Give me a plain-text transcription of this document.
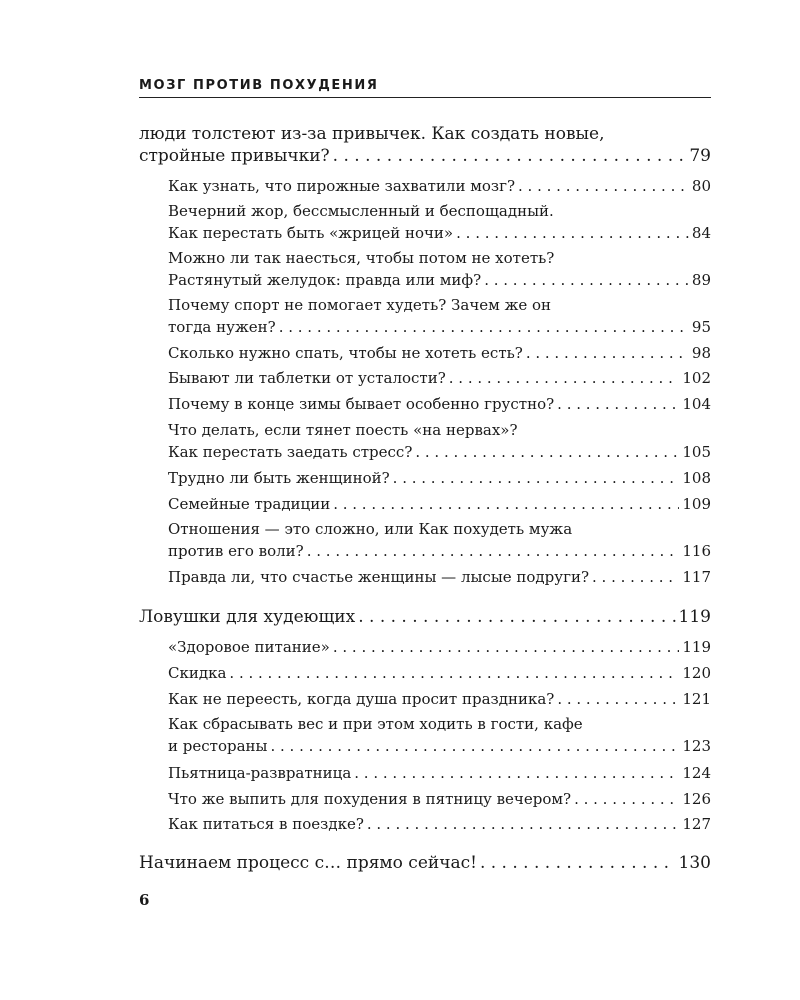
МОЗГ ПРОТИВ ПОХУДЕНИЯ
люди толстеют из-за привычек. Как создать новые,
стройные привычки? . . .	79
Как узнать, что пирожные захватили мозг? . . .	80
Вечерний жор, бессмысленный и беспощадный.
Как перестать быть «жрицей ночи» . . .	84
Можно ли так наесться, чтобы потом не хотеть?
Растянутый желудок: правда или миф? . . .	89
Почему спорт не помогает худеть? Зачем же он
тогда нужен? . . .	95
Сколько нужно спать, чтобы не хотеть есть? . . .	98
Бывают ли таблетки от усталости? . . .	102
Почему в конце зимы бывает особенно грустно? . . .	104
Что делать, если тянет поесть «на нервах»?
Как перестать заедать стресс? . . .	105
Трудно ли быть женщиной? . . .	108
Семейные традиции . . .	109
Отношения — это сложно, или Как похудеть мужа
против его воли? . . .	116
Правда ли, что счастье женщины — лысые подруги? . . .	117
Ловушки для худеющих . . .	119
«Здоровое питание» . . .	119
Скидка . . .	120
Как не переесть, когда душа просит праздника? . . .	121
Как сбрасывать вес и при этом ходить в гости, кафе
и рестораны . . .	123
Пьятница-развратница . . .	124
Что же выпить для похудения в пятницу вечером? . . .	126
Как питаться в поездке? . . .	127
Начинаем процесс с… прямо сейчас! . . .	130
6
